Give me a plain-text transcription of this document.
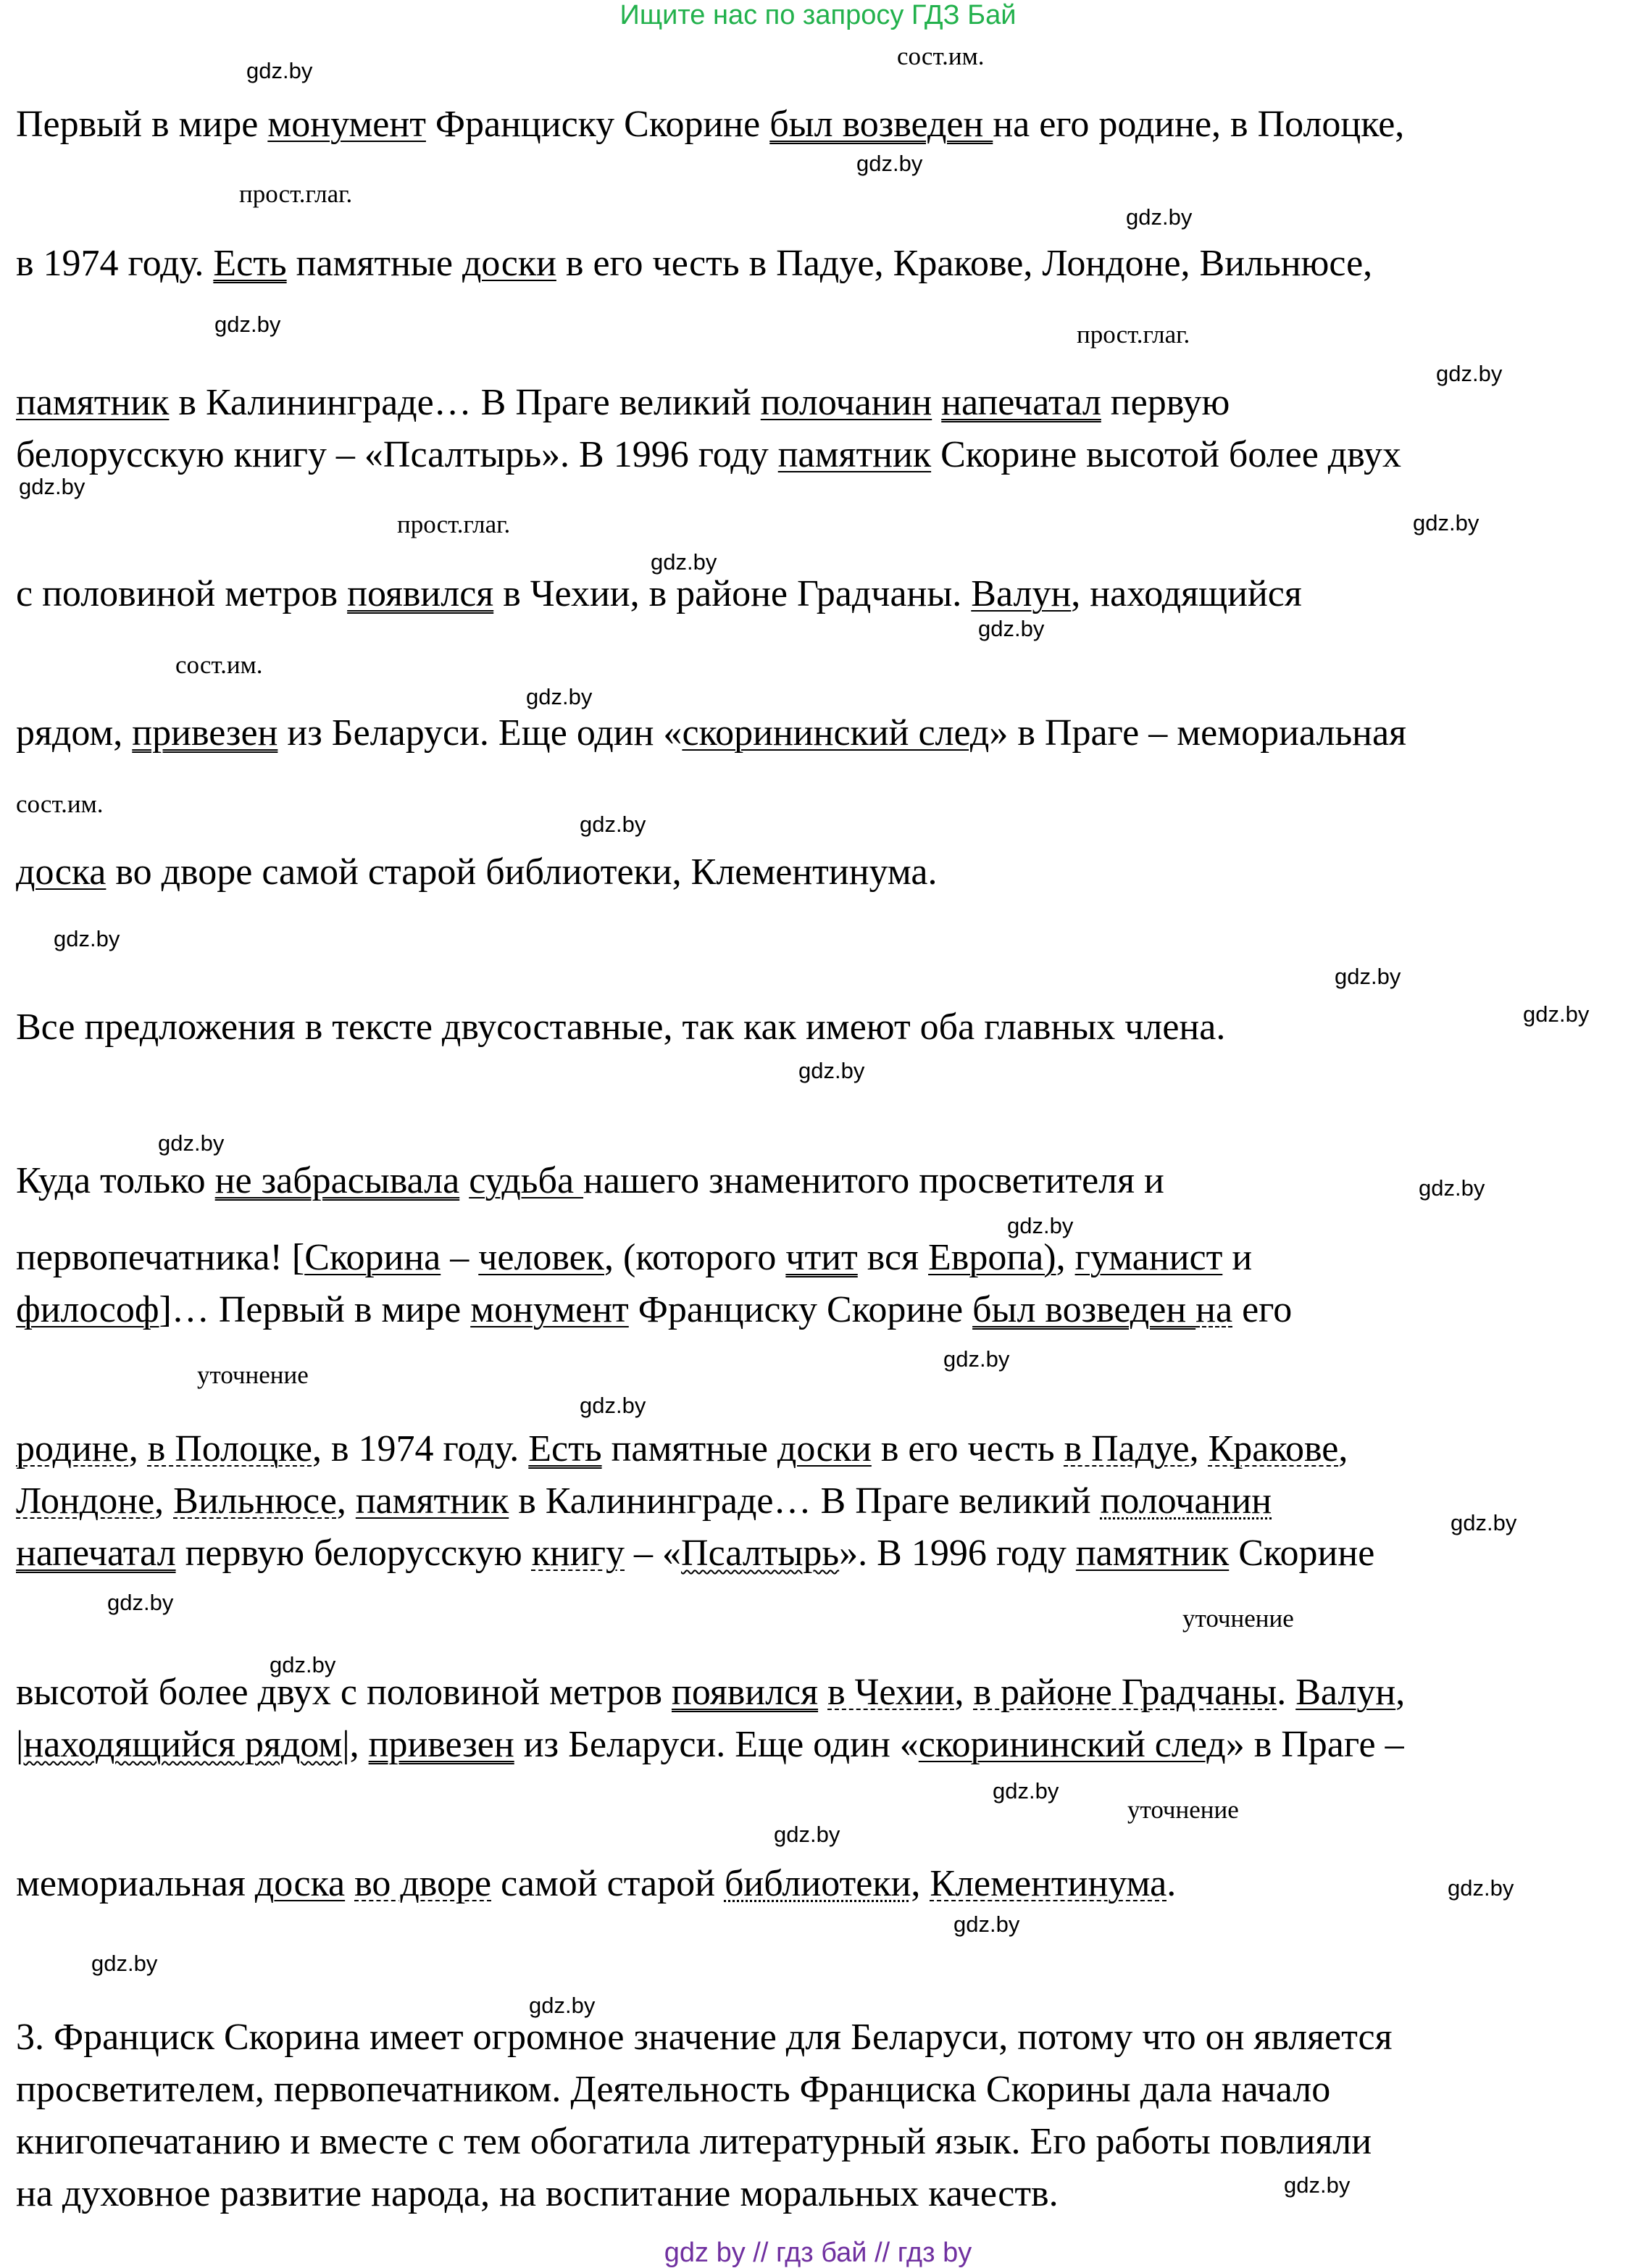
Ищите нас по запросу ГДЗ Бай
сост.им.
Первый в мире монумент Франциску Скорине был возведен на его родине, в Полоцке,
прост.глаг.
в 1974 году. Есть памятные доски в его честь в Падуе, Кракове, Лондоне, Вильнюсе,
прост.глаг.
памятник в Калининграде… В Праге великий полочанин напечатал первую
белорусскую книгу – «Псалтырь». В 1996 году памятник Скорине высотой более двух
прост.глаг.
с половиной метров появился в Чехии, в районе Градчаны. Валун, находящийся
сост.им.
рядом, привезен из Беларуси. Еще один «скорининский след» в Праге – мемориальная
сост.им.
доска во дворе самой старой библиотеки, Клементинума.
Все предложения в тексте двусоставные, так как имеют оба главных члена.
Куда только не забрасывала судьба нашего знаменитого просветителя и
первопечатника! [Скорина – человек, (которого чтит вся Европа), гуманист и
философ]… Первый в мире монумент Франциску Скорине был возведен на его
уточнение
родине, в Полоцке, в 1974 году. Есть памятные доски в его честь в Падуе, Кракове,
Лондоне, Вильнюсе, памятник в Калининграде… В Праге великий полочанин
напечатал первую белорусскую книгу – «Псалтырь». В 1996 году памятник Скорине
уточнение
высотой более двух с половиной метров появился в Чехии, в районе Градчаны. Валун,
|находящийся рядом|, привезен из Беларуси. Еще один «скорининский след» в Праге –
уточнение
мемориальная доска во дворе самой старой библиотеки, Клементинума.
3. Франциск Скорина имеет огромное значение для Беларуси, потому что он является
просветителем, первопечатником. Деятельность Франциска Скорины дала начало
книгопечатанию и вместе с тем обогатила литературный язык. Его работы повлияли
на духовное развитие народа, на воспитание моральных качеств.
gdz.by
gdz.by
gdz.by
gdz.by
gdz.by
gdz.by
gdz.by
gdz.by
gdz.by
gdz.by
gdz.by
gdz.by
gdz.by
gdz.by
gdz.by
gdz.by
gdz.by
gdz.by
gdz.by
gdz.by
gdz.by
gdz.by
gdz.by
gdz.by
gdz.by
gdz.by
gdz.by
gdz.by
gdz.by
gdz.by
gdz by // гдз бай // гдз by
